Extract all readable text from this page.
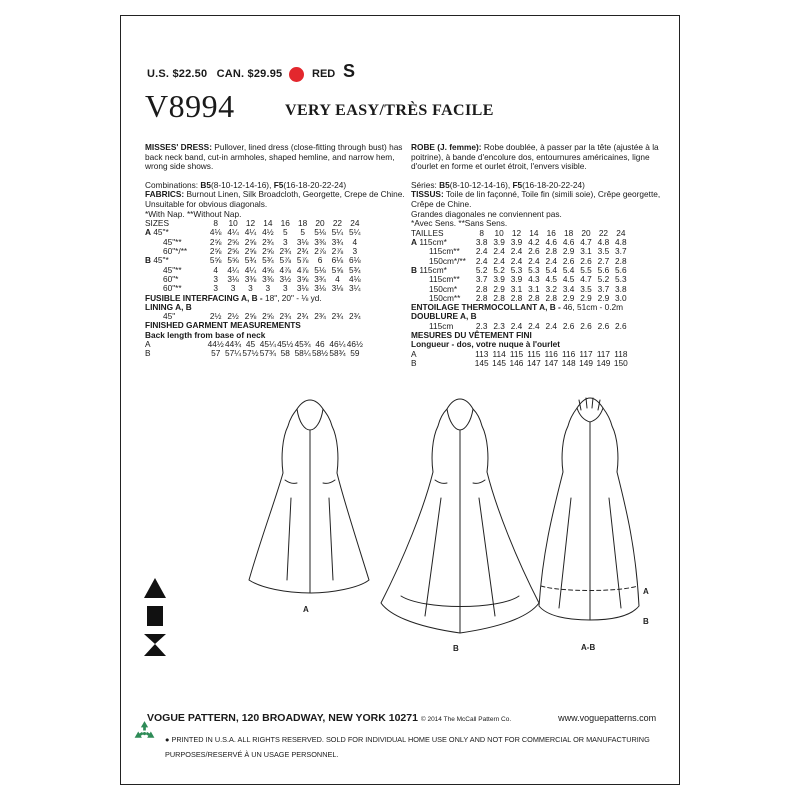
U.S. $22.50 CAN. $29.95	RED S
V8994	VERY EASY/TRÈS FACILE
MISSES' DRESS: Pullover, lined dress (close-fitting through bust) has back neck band, cut-in armholes, shaped hemline, and narrow hem, wrong side shows.
Combinations: B5(8-10-12-14-16), F5(16-18-20-22-24)
FABRICS: Burnout Linen, Silk Broadcloth, Georgette, Crepe de Chine.
Unsuitable for obvious diagonals.
*With Nap. **Without Nap.
SIZES	8	10	12	14	16	18	20	22	24
A 45"*	4⅛	4¼	4¼	4½	5	5	5⅛	5¼	5¼
45"**	2⅝	2⅝	2⅝	2¾	3	3⅛	3⅜	3¾	4
60"*/**	2⅝	2⅝	2⅝	2⅝	2¾	2¾	2⅞	2⅞	3
B 45"*	5⅝	5⅝	5¾	5¾	5⅞	5⅞	6	6⅛	6⅛
45"**	4	4¼	4¼	4⅝	4⅞	4⅞	5⅛	5⅝	5¾
60"*	3	3⅛	3⅜	3⅜	3½	3⅝	3¾	4	4⅛
60"**	3	3	3	3	3	3⅛	3⅛	3⅛	3¼
FUSIBLE INTERFACING A, B - 18", 20" - ⅛ yd.									
LINING A, B									
45"	2½	2½	2⅝	2⅝	2¾	2¾	2¾	2¾	2¾
FINISHED GARMENT MEASUREMENTS									
Back length from base of neck									
A	44½	44¾	45	45¼	45½	45¾	46	46¼	46½
B	57	57¼	57½	57¾	58	58¼	58½	58¾	59
ROBE (J. femme): Robe doublée, à passer par la tête (ajustée à la poitrine), à bande d'encolure dos, entournures américaines, ligne d'ourlet en forme et ourlet étroit, l'envers visible.
Séries: B5(8-10-12-14-16), F5(16-18-20-22-24)
TISSUS: Toile de lin façonné, Toile fin (simili soie), Crêpe georgette, Crêpe de Chine.
Grandes diagonales ne conviennent pas.
*Avec Sens. **Sans Sens.
TAILLES	8	10	12	14	16	18	20	22	24
A 115cm*	3.8	3.9	3.9	4.2	4.6	4.6	4.7	4.8	4.8
115cm**	2.4	2.4	2.4	2.6	2.8	2.9	3.1	3.5	3.7
150cm*/**	2.4	2.4	2.4	2.4	2.4	2.6	2.6	2.7	2.8
B 115cm*	5.2	5.2	5.3	5.3	5.4	5.4	5.5	5.6	5.6
115cm**	3.7	3.9	3.9	4.3	4.5	4.5	4.7	5.2	5.3
150cm*	2.8	2.9	3.1	3.1	3.2	3.4	3.5	3.7	3.8
150cm**	2.8	2.8	2.8	2.8	2.8	2.9	2.9	2.9	3.0
ENTOILAGE THERMOCOLLANT A, B - 46, 51cm - 0.2m									
DOUBLURE A, B									
115cm	2.3	2.3	2.4	2.4	2.4	2.6	2.6	2.6	2.6
MESURES DU VÊTEMENT FINI									
Longueur - dos, votre nuque à l'ourlet									
A	113	114	115	115	116	116	117	117	118
B	145	145	146	147	147	148	149	149	150
A
B
A
B
A-B
VOGUE PATTERN, 120 BROADWAY, NEW YORK 10271 © 2014 The McCall Pattern Co.	www.voguepatterns.com
● PRINTED IN U.S.A. ALL RIGHTS RESERVED. SOLD FOR INDIVIDUAL HOME USE ONLY AND NOT FOR COMMERCIAL OR MANUFACTURING PURPOSES/RESERVÉ À UN USAGE PERSONNEL.
